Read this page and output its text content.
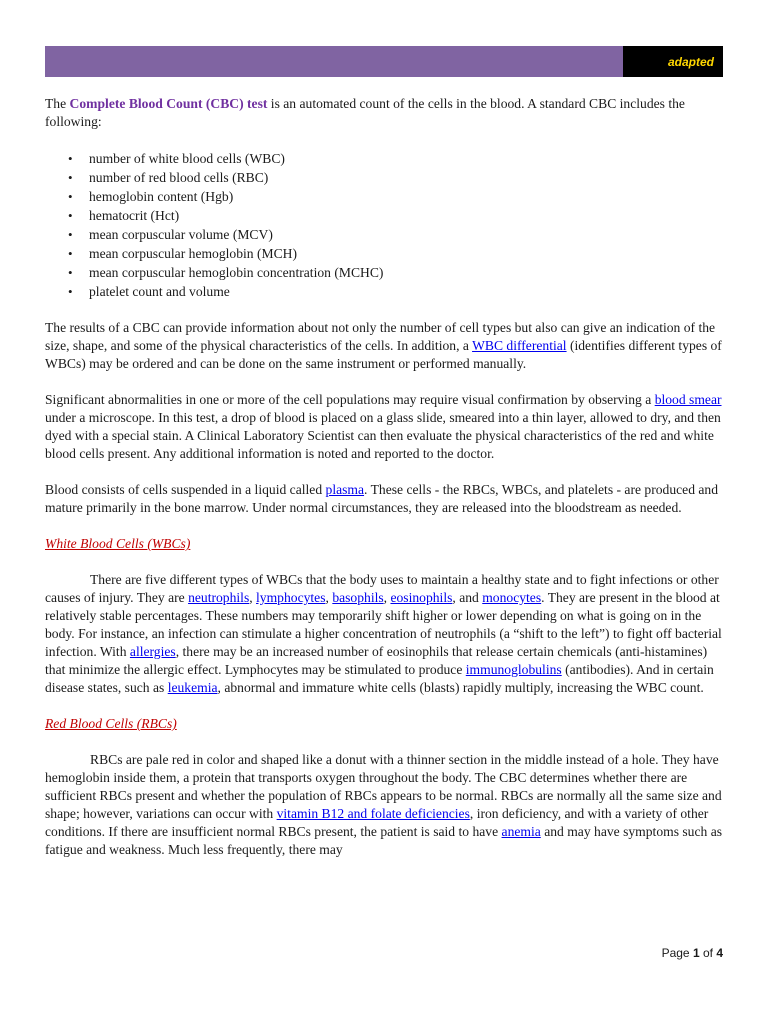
adapted

The Complete Blood Count (CBC) test is an automated count of the cells in the blood. A standard CBC includes the following:

• number of white blood cells (WBC)
• number of red blood cells (RBC)
• hemoglobin content (Hgb)
• hematocrit (Hct)
• mean corpuscular volume (MCV)
• mean corpuscular hemoglobin (MCH)
• mean corpuscular hemoglobin concentration (MCHC)
• platelet count and volume

The results of a CBC can provide information about not only the number of cell types but also can give an indication of the size, shape, and some of the physical characteristics of the cells. In addition, a WBC differential (identifies different types of WBCs) may be ordered and can be done on the same instrument or performed manually.

Significant abnormalities in one or more of the cell populations may require visual confirmation by observing a blood smear under a microscope. In this test, a drop of blood is placed on a glass slide, smeared into a thin layer, allowed to dry, and then dyed with a special stain. A Clinical Laboratory Scientist can then evaluate the physical characteristics of the red and white blood cells present. Any additional information is noted and reported to the doctor.

Blood consists of cells suspended in a liquid called plasma. These cells - the RBCs, WBCs, and platelets - are produced and mature primarily in the bone marrow. Under normal circumstances, they are released into the bloodstream as needed.

White Blood Cells (WBCs)

There are five different types of WBCs that the body uses to maintain a healthy state and to fight infections or other causes of injury. They are neutrophils, lymphocytes, basophils, eosinophils, and monocytes. They are present in the blood at relatively stable percentages. These numbers may temporarily shift higher or lower depending on what is going on in the body. For instance, an infection can stimulate a higher concentration of neutrophils (a “shift to the left”) to fight off bacterial infection. With allergies, there may be an increased number of eosinophils that release certain chemicals (anti-histamines) that minimize the allergic effect. Lymphocytes may be stimulated to produce immunoglobulins (antibodies). And in certain disease states, such as leukemia, abnormal and immature white cells (blasts) rapidly multiply, increasing the WBC count.

Red Blood Cells (RBCs)

RBCs are pale red in color and shaped like a donut with a thinner section in the middle instead of a hole. They have hemoglobin inside them, a protein that transports oxygen throughout the body. The CBC determines whether there are sufficient RBCs present and whether the population of RBCs appears to be normal. RBCs are normally all the same size and shape; however, variations can occur with vitamin B12 and folate deficiencies, iron deficiency, and with a variety of other conditions. If there are insufficient normal RBCs present, the patient is said to have anemia and may have symptoms such as fatigue and weakness. Much less frequently, there may

Page 1 of 4
